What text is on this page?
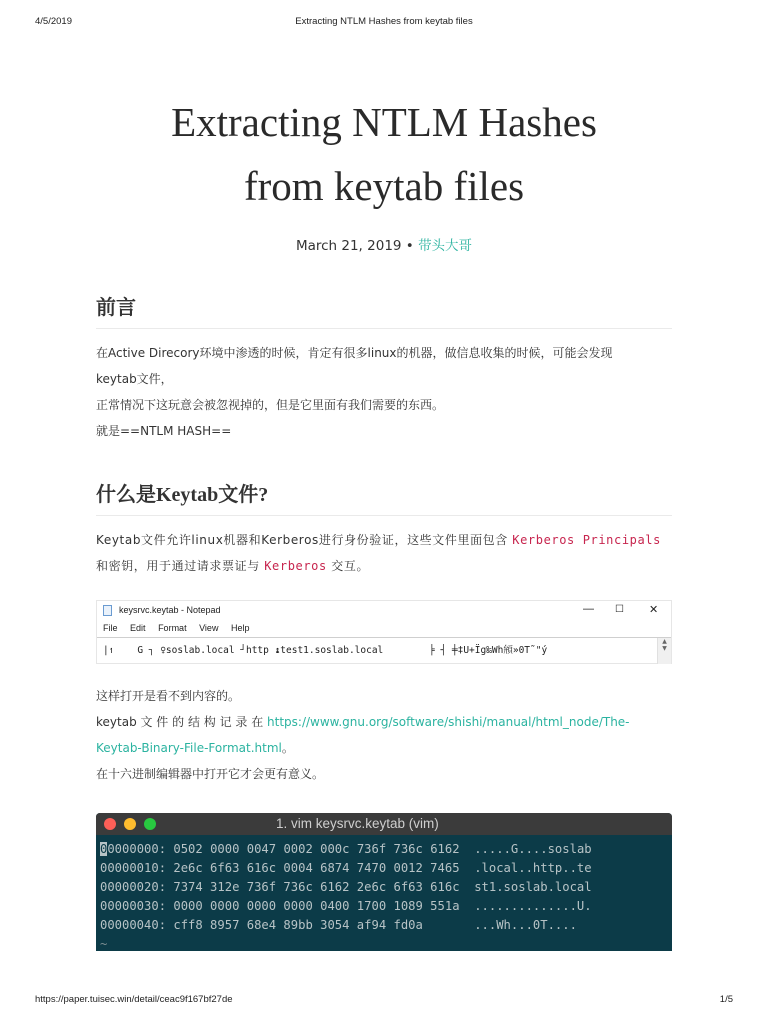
4/5/2019	Extracting NTLM Hashes from keytab files
Extracting NTLM Hashes
from keytab files
March 21, 2019 • 带头大哥
前言
在Active Direcory环境中渗透的时候，肯定有很多linux的机器，做信息收集的时候，可能会发现
keytab文件，
正常情况下这玩意会被忽视掉的，但是它里面有我们需要的东西。
就是==NTLM HASH==
什么是Keytab文件?
Keytab文件允许linux机器和Kerberos进行身份验证，这些文件里面包含 Kerberos Principals 和密钥，用于通过请求票证与 Kerberos 交互。
keysrvc.keytab - Notepad	— ☐ ✕
File Edit Format View Help
|↿    G ┐ ♀soslab.local ┘http ↨test1.soslab.local        ╞ ┤ ╪‡U+Ïg‰Wh䪻»0T˜"ý
▲
▼
这样打开是看不到内容的。
keytab 文 件 的 结 构 记 录 在 https://www.gnu.org/software/shishi/manual/html_node/The-
Keytab-Binary-File-Format.html。
在十六进制编辑器中打开它才会更有意义。
1. vim keysrvc.keytab (vim)
00000000: 0502 0000 0047 0002 000c 736f 736c 6162  .....G....soslab
00000010: 2e6c 6f63 616c 0004 6874 7470 0012 7465  .local..http..te
00000020: 7374 312e 736f 736c 6162 2e6c 6f63 616c  st1.soslab.local
00000030: 0000 0000 0000 0000 0400 1700 1089 551a  ..............U.
00000040: cff8 8957 68e4 89bb 3054 af94 fd0a       ...Wh...0T....
~
https://paper.tuisec.win/detail/ceac9f167bf27de	1/5
